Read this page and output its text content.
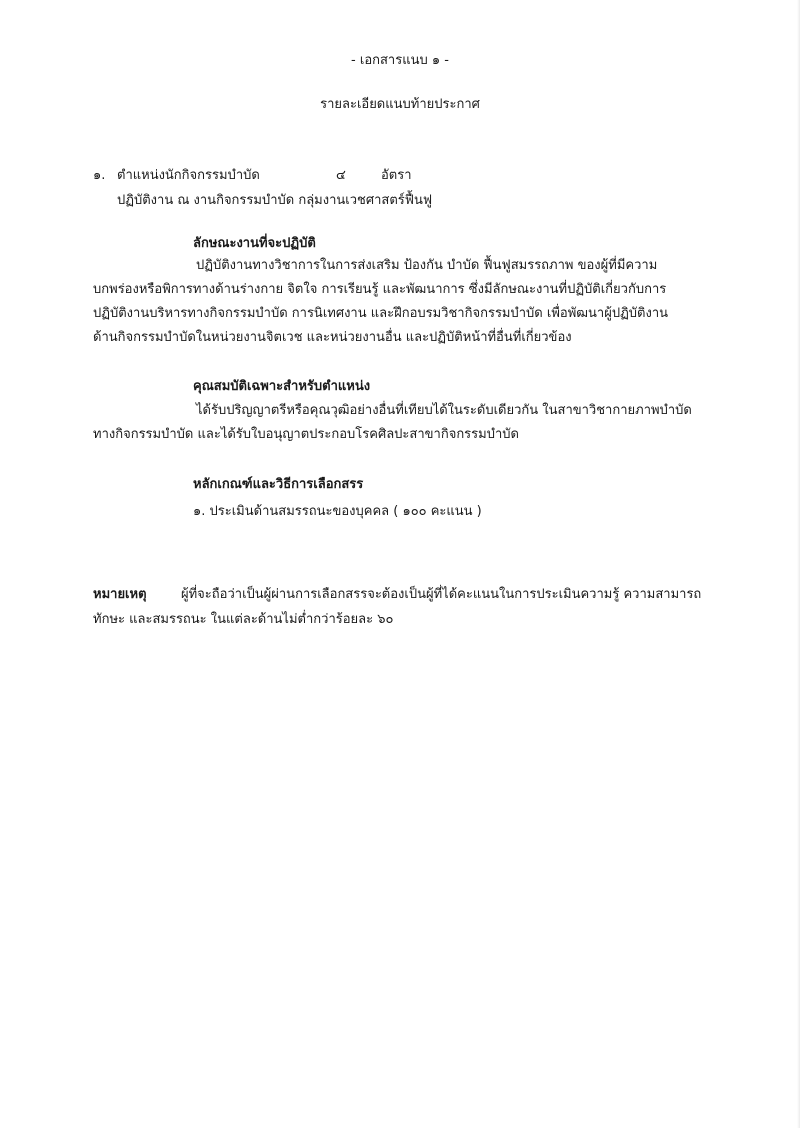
- เอกสารแนบ ๑ -
รายละเอียดแนบท้ายประกาศ
๑. ตำแหน่งนักกิจกรรมบำบัด	๔	อัตรา
ปฏิบัติงาน ณ งานกิจกรรมบำบัด กลุ่มงานเวชศาสตร์ฟื้นฟู
ลักษณะงานที่จะปฏิบัติ
ปฏิบัติงานทางวิชาการในการส่งเสริม ป้องกัน บำบัด ฟื้นฟูสมรรถภาพ ของผู้ที่มีความ
บกพร่องหรือพิการทางด้านร่างกาย จิตใจ การเรียนรู้ และพัฒนาการ ซึ่งมีลักษณะงานที่ปฏิบัติเกี่ยวกับการ
ปฏิบัติงานบริหารทางกิจกรรมบำบัด การนิเทศงาน และฝึกอบรมวิชากิจกรรมบำบัด เพื่อพัฒนาผู้ปฏิบัติงาน
ด้านกิจกรรมบำบัดในหน่วยงานจิตเวช และหน่วยงานอื่น และปฏิบัติหน้าที่อื่นที่เกี่ยวข้อง
คุณสมบัติเฉพาะสำหรับตำแหน่ง
ได้รับปริญญาตรีหรือคุณวุฒิอย่างอื่นที่เทียบได้ในระดับเดียวกัน ในสาขาวิชากายภาพบำบัด
ทางกิจกรรมบำบัด และได้รับใบอนุญาตประกอบโรคศิลปะสาขากิจกรรมบำบัด
หลักเกณฑ์และวิธีการเลือกสรร
๑. ประเมินด้านสมรรถนะของบุคคล ( ๑๐๐ คะแนน )
หมายเหตุ	ผู้ที่จะถือว่าเป็นผู้ผ่านการเลือกสรรจะต้องเป็นผู้ที่ได้คะแนนในการประเมินความรู้ ความสามารถ
ทักษะ และสมรรถนะ ในแต่ละด้านไม่ต่ำกว่าร้อยละ ๖๐
